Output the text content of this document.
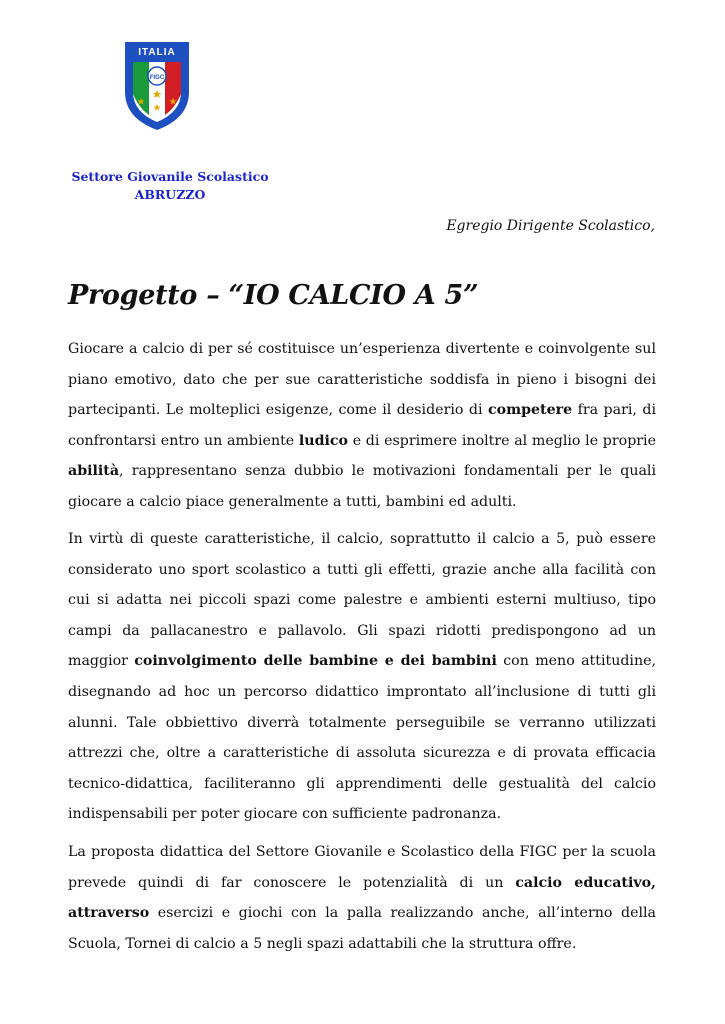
ITALIA
FIGC
Settore Giovanile Scolastico
ABRUZZO
Egregio Dirigente Scolastico,
Progetto – “IO CALCIO A 5”

Giocare a calcio di per sé costituisce un’esperienza divertente e coinvolgente sul piano emotivo, dato che per sue caratteristiche soddisfa in pieno i bisogni dei partecipanti. Le molteplici esigenze, come il desiderio di competere fra pari, di confrontarsi entro un ambiente ludico e di esprimere inoltre al meglio le proprie abilità, rappresentano senza dubbio le motivazioni fondamentali per le quali giocare a calcio piace generalmente a tutti, bambini ed adulti.

In virtù di queste caratteristiche, il calcio, soprattutto il calcio a 5, può essere considerato uno sport scolastico a tutti gli effetti, grazie anche alla facilità con cui si adatta nei piccoli spazi come palestre e ambienti esterni multiuso, tipo campi da pallacanestro e pallavolo. Gli spazi ridotti predispongono ad un maggior coinvolgimento delle bambine e dei bambini con meno attitudine, disegnando ad hoc un percorso didattico improntato all’inclusione di tutti gli alunni. Tale obbiettivo diverrà totalmente perseguibile se verranno utilizzati attrezzi che, oltre a caratteristiche di assoluta sicurezza e di provata efficacia tecnico-didattica, faciliteranno gli apprendimenti delle gestualità del calcio indispensabili per poter giocare con sufficiente padronanza.

La proposta didattica del Settore Giovanile e Scolastico della FIGC per la scuola prevede quindi di far conoscere le potenzialità di un calcio educativo, attraverso esercizi e giochi con la palla realizzando anche, all’interno della Scuola, Tornei di calcio a 5 negli spazi adattabili che la struttura offre.
